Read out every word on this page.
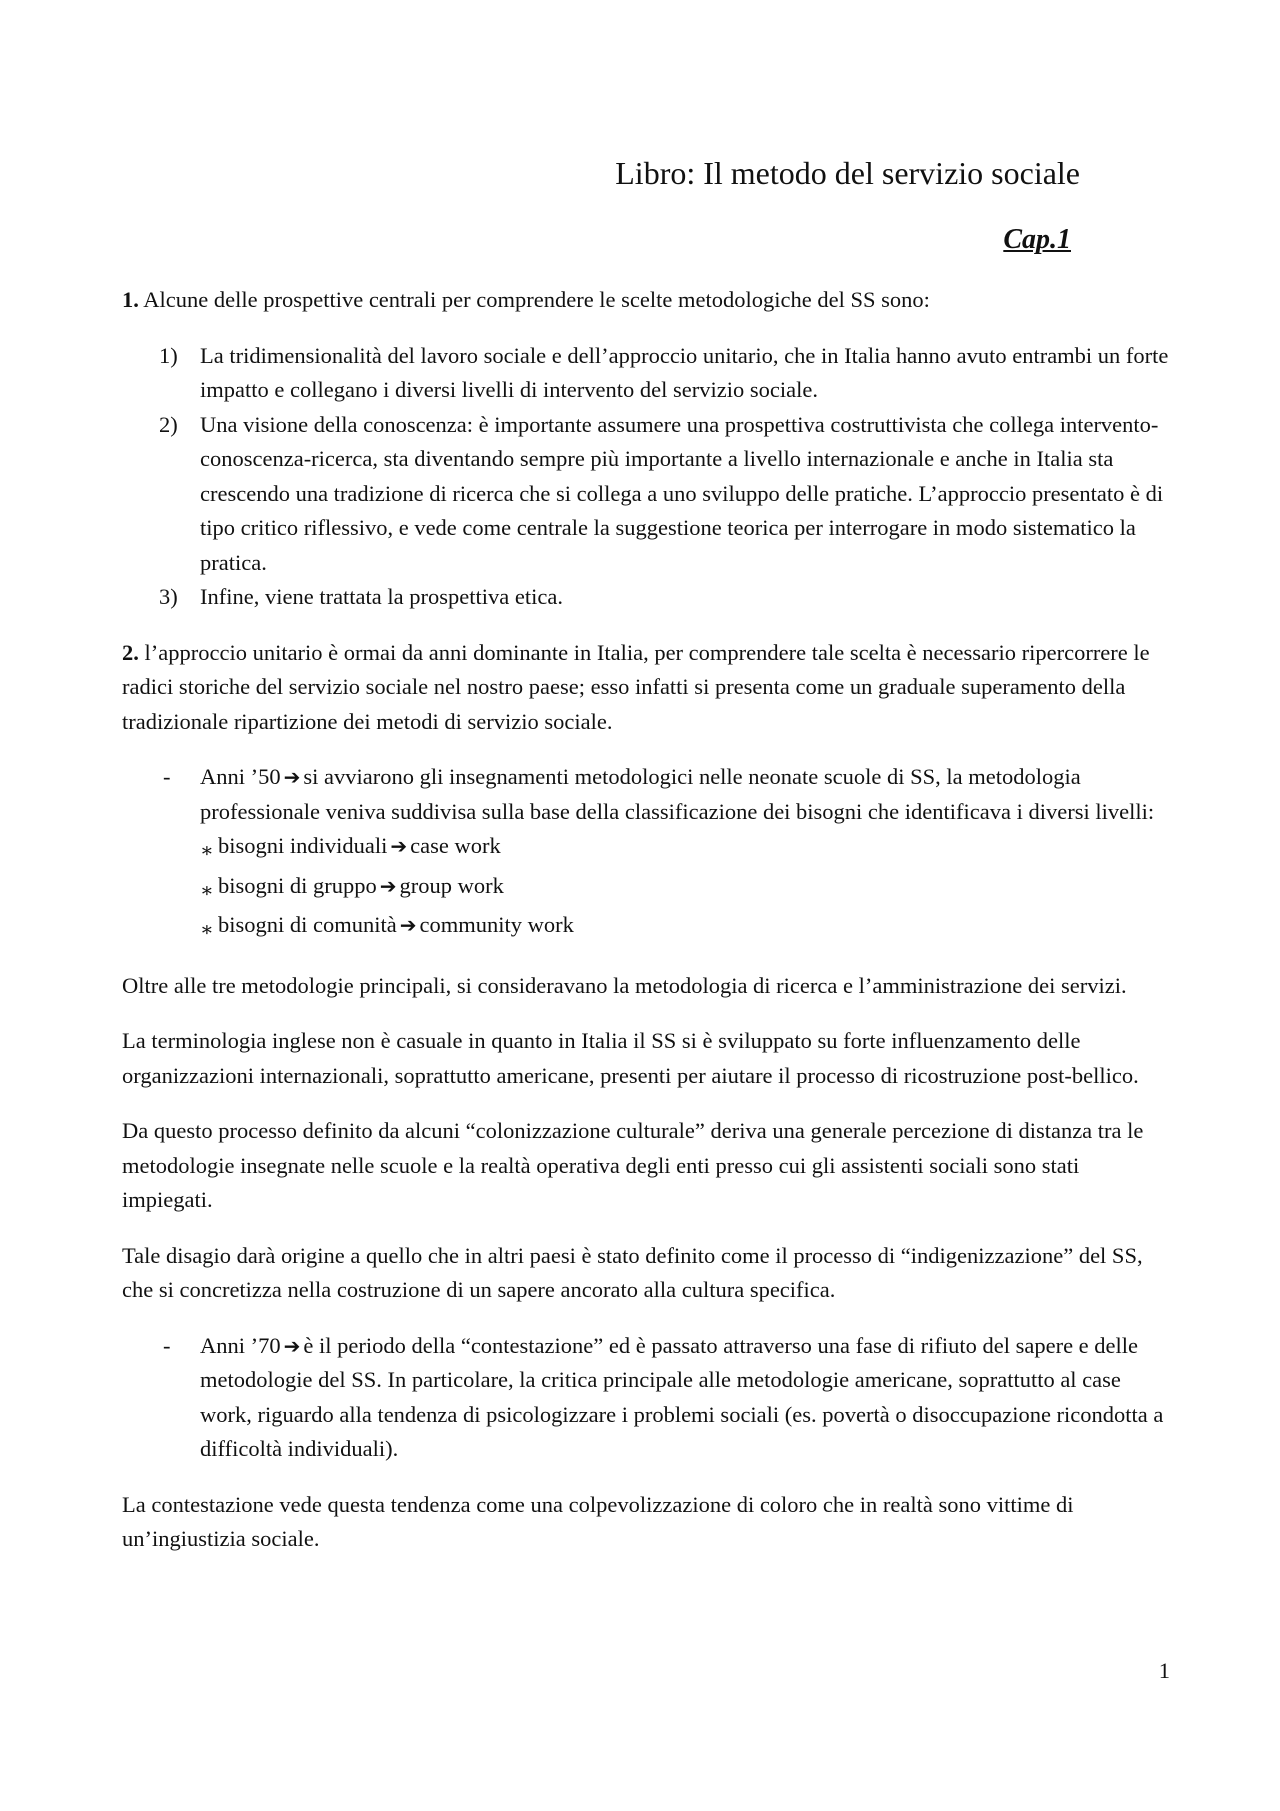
Libro: Il metodo del servizio sociale
Cap.1

1. Alcune delle prospettive centrali per comprendere le scelte metodologiche del SS sono:

1) La tridimensionalità del lavoro sociale e dell’approccio unitario, che in Italia hanno avuto entrambi un forte impatto e collegano i diversi livelli di intervento del servizio sociale.
2) Una visione della conoscenza: è importante assumere una prospettiva costruttivista che collega intervento-conoscenza-ricerca, sta diventando sempre più importante a livello internazionale e anche in Italia sta crescendo una tradizione di ricerca che si collega a uno sviluppo delle pratiche. L’approccio presentato è di tipo critico riflessivo, e vede come centrale la suggestione teorica per interrogare in modo sistematico la pratica.
3) Infine, viene trattata la prospettiva etica.

2. l’approccio unitario è ormai da anni dominante in Italia, per comprendere tale scelta è necessario ripercorrere le radici storiche del servizio sociale nel nostro paese; esso infatti si presenta come un graduale superamento della tradizionale ripartizione dei metodi di servizio sociale.

- Anni ’50 ➔ si avviarono gli insegnamenti metodologici nelle neonate scuole di SS, la metodologia professionale veniva suddivisa sulla base della classificazione dei bisogni che identificava i diversi livelli:
∗ bisogni individuali ➔ case work
∗ bisogni di gruppo ➔ group work
∗ bisogni di comunità ➔ community work

Oltre alle tre metodologie principali, si consideravano la metodologia di ricerca e l’amministrazione dei servizi.

La terminologia inglese non è casuale in quanto in Italia il SS si è sviluppato su forte influenzamento delle organizzazioni internazionali, soprattutto americane, presenti per aiutare il processo di ricostruzione post-bellico.

Da questo processo definito da alcuni “colonizzazione culturale” deriva una generale percezione di distanza tra le metodologie insegnate nelle scuole e la realtà operativa degli enti presso cui gli assistenti sociali sono stati impiegati.

Tale disagio darà origine a quello che in altri paesi è stato definito come il processo di “indigenizzazione” del SS, che si concretizza nella costruzione di un sapere ancorato alla cultura specifica.

- Anni ’70 ➔ è il periodo della “contestazione” ed è passato attraverso una fase di rifiuto del sapere e delle metodologie del SS. In particolare, la critica principale alle metodologie americane, soprattutto al case work, riguardo alla tendenza di psicologizzare i problemi sociali (es. povertà o disoccupazione ricondotta a difficoltà individuali).

La contestazione vede questa tendenza come una colpevolizzazione di coloro che in realtà sono vittime di un’ingiustizia sociale.

1
